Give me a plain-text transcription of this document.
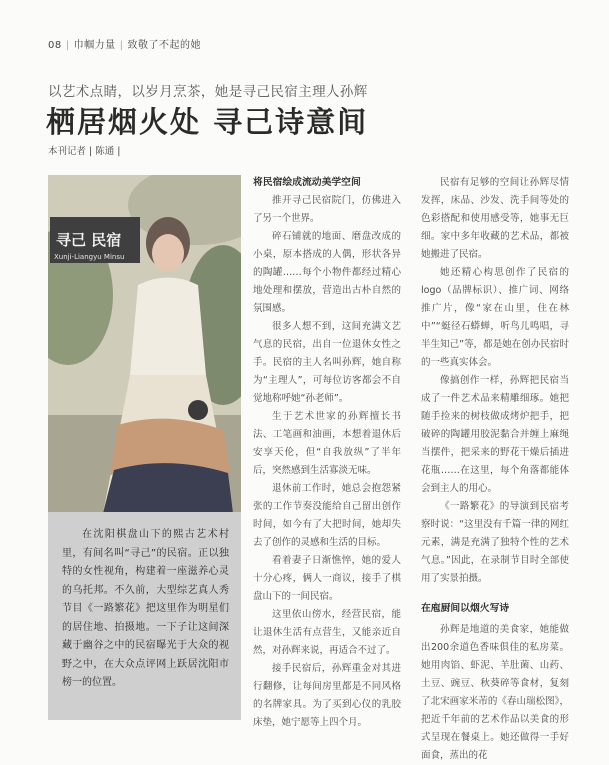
08 | 巾帼力量 | 致敬了不起的她
以艺术点睛，以岁月烹茶，她是寻己民宿主理人孙辉
栖居烟火处 寻己诗意间
本刊记者 | 陈通 |
寻己 民宿
Xunji-Liangyu Minsu

在沈阳棋盘山下的熙古艺术村里，有间名叫“寻己”的民宿。正以独特的女性视角，构建着一座滋养心灵的乌托邦。不久前，大型综艺真人秀节目《一路繁花》把这里作为明星们的居住地、拍摄地。一下子让这间深藏于幽谷之中的民宿曝光于大众的视野之中，在大众点评网上跃居沈阳市榜一的位置。

将民宿绘成流动美学空间

推开寻己民宿院门，仿佛进入了另一个世界。

碎石铺就的地面、磨盘改成的小桌，原本搭成的人偶，形状各异的陶罐……每个小物件都经过精心地处理和摆放，营造出古朴自然的氛围感。

很多人想不到，这间充满文艺气息的民宿，出自一位退休女性之手。民宿的主人名叫孙辉，她自称为“主理人”，可每位访客都会不自觉地称呼她“孙老师”。

生于艺术世家的孙辉擅长书法、工笔画和油画，本想着退休后安享天伦，但“自我放纵”了半年后，突然感到生活寡淡无味。

退休前工作时，她总会抱怨紧张的工作节奏没能给自己留出创作时间，如今有了大把时间，她却失去了创作的灵感和生活的目标。

看着妻子日渐憔悴，她的爱人十分心疼，俩人一商议，接手了棋盘山下的一间民宿。

这里依山傍水，经营民宿，能让退休生活有点营生，又能亲近自然，对孙辉来说，再适合不过了。

接手民宿后，孙辉重金对其进行翻修，让每间房里都是不同风格的名牌家具。为了买到心仪的乳胶床垫，她宁愿等上四个月。

民宿有足够的空间让孙辉尽情发挥，床品、沙发、洗手间等处的色彩搭配和使用感受等，她事无巨细。家中多年收藏的艺术品，都被她搬进了民宿。

她还精心构思创作了民宿的logo（品牌标识）、推广词、网络推广片，像“家在山里，住在林中”“蜓径石蟒蝉，听鸟儿鸣唱，寻半生知己”等，都是她在创办民宿时的一些真实体会。

像搞创作一样，孙辉把民宿当成了一件艺术品来精雕细琢。她把随手捡来的树枝做成烤炉把手，把破碎的陶罐用胶泥黏合并缠上麻绳当摆件，把采来的野花干燥后插进花瓶……在这里，每个角落都能体会到主人的用心。

《一路繁花》的导演到民宿考察时说：“这里没有千篇一律的网红元素，满是充满了独特个性的艺术气息。”因此，在录制节目时全部使用了实景拍摄。

在庖厨间以烟火写诗

孙辉是地道的美食家，她能做出200余道色香味俱佳的私房菜。她用肉馅、虾泥、羊肚菌、山药、土豆、豌豆、秋葵碎等食材，复刻了北宋画家米芾的《春山瑞松图》，把近千年前的艺术作品以美食的形式呈现在餐桌上。她还做得一手好面食，蒸出的花
